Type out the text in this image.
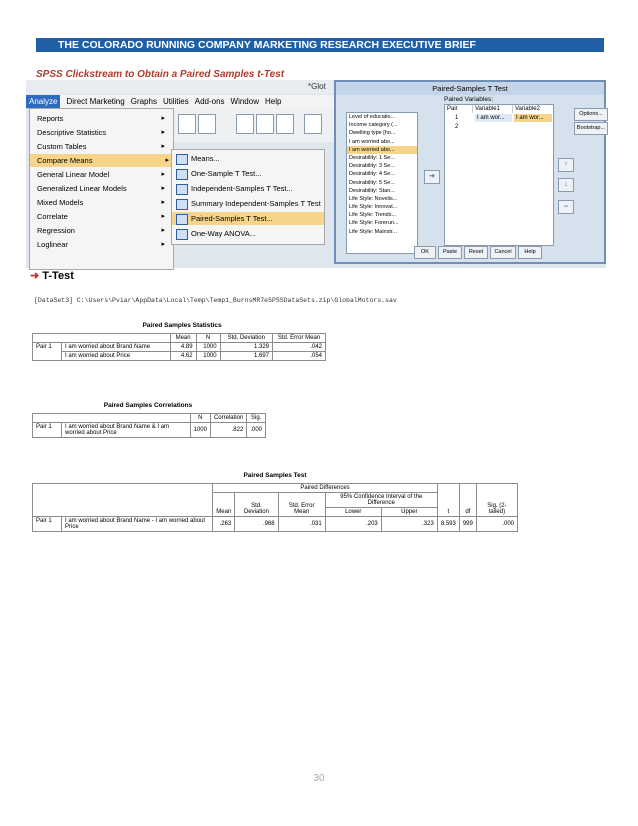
THE COLORADO RUNNING COMPANY MARKETING RESEARCH EXECUTIVE BRIEF
SPSS Clickstream to Obtain a Paired Samples t-Test
*Glot
Analyze Direct Marketing Graphs Utilities Add-ons Window Help
Reports	▸
Descriptive Statistics	▸
Custom Tables	▸
Compare Means	▸
General Linear Model	▸
Generalized Linear Models	▸
Mixed Models	▸
Correlate	▸
Regression	▸
Loglinear	▸
Means...
One-Sample T Test...
Independent-Samples T Test...
Summary Independent-Samples T Test
Paired-Samples T Test...
One-Way ANOVA...
Paired-Samples T Test
Level of educatio...
Income category (...
Dwelling type [ho...
I am worried abo...
I am worried abo...
Desirability: 1 Se...
Desirability: 3 Se...
Desirability: 4 Se...
Desirability: 5 Se...
Desirability: Stan...
Life Style: Novelis...
Life Style: Innovat...
Life Style: Trends...
Life Style: Forerun...
Life Style: Mainstr...
➔
Paired Variables:
Pair	Variable1	Variable2
1	I am wor...	I am wor...
2
↑
↓
⇔
Options...
Bootstrap...
OK	Paste	Reset	Cancel	Help
➜ T-Test
[DataSet3] C:\Users\Pviar\AppData\Local\Temp\Temp1_BurnsMR7eSPSSDataSets.zip\GlobalMotors.sav
Paired Samples Statistics
		Mean	N	Std. Deviation	Std. Error Mean
Pair 1	I am worried about Brand Name	4.89	1000	1.329	.042
	I am worried about Price	4.62	1000	1.697	.054
Paired Samples Correlations
		N	Correlation	Sig.
Pair 1	I am worried about Brand Name & I am worried about Price	1000	.822	.000
Paired Samples Test
		Paired Differences					t	df	Sig. (2-tailed)
		Mean	Std. Deviation	Std. Error Mean	95% Confidence Interval of the Difference				
					Lower	Upper			
Pair 1	I am worried about Brand Name - I am worried about Price	.263	.968	.031	.203	.323	8.593	999	.000
30
